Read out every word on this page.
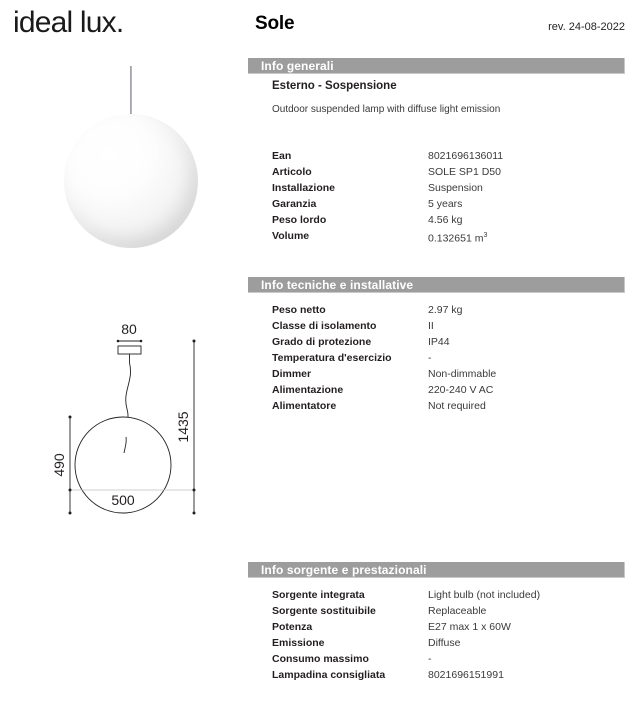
ideal lux.	Sole	rev. 24-08-2022
80
1435
490
500
Info generali
Esterno - Sospensione
Outdoor suspended lamp with diffuse light emission
Ean	8021696136011
Articolo	SOLE SP1 D50
Installazione	Suspension
Garanzia	5 years
Peso lordo	4.56 kg
Volume	0.132651 $m^3$
Info tecniche e installative
Peso netto	2.97 kg
Classe di isolamento	II
Grado di protezione	IP44
Temperatura d'esercizio	-
Dimmer	Non-dimmable
Alimentazione	220-240 V AC
Alimentatore	Not required
Info sorgente e prestazionali
Sorgente integrata	Light bulb (not included)
Sorgente sostituibile	Replaceable
Potenza	E27 max 1 x 60W
Emissione	Diffuse
Consumo massimo	-
Lampadina consigliata	8021696151991
